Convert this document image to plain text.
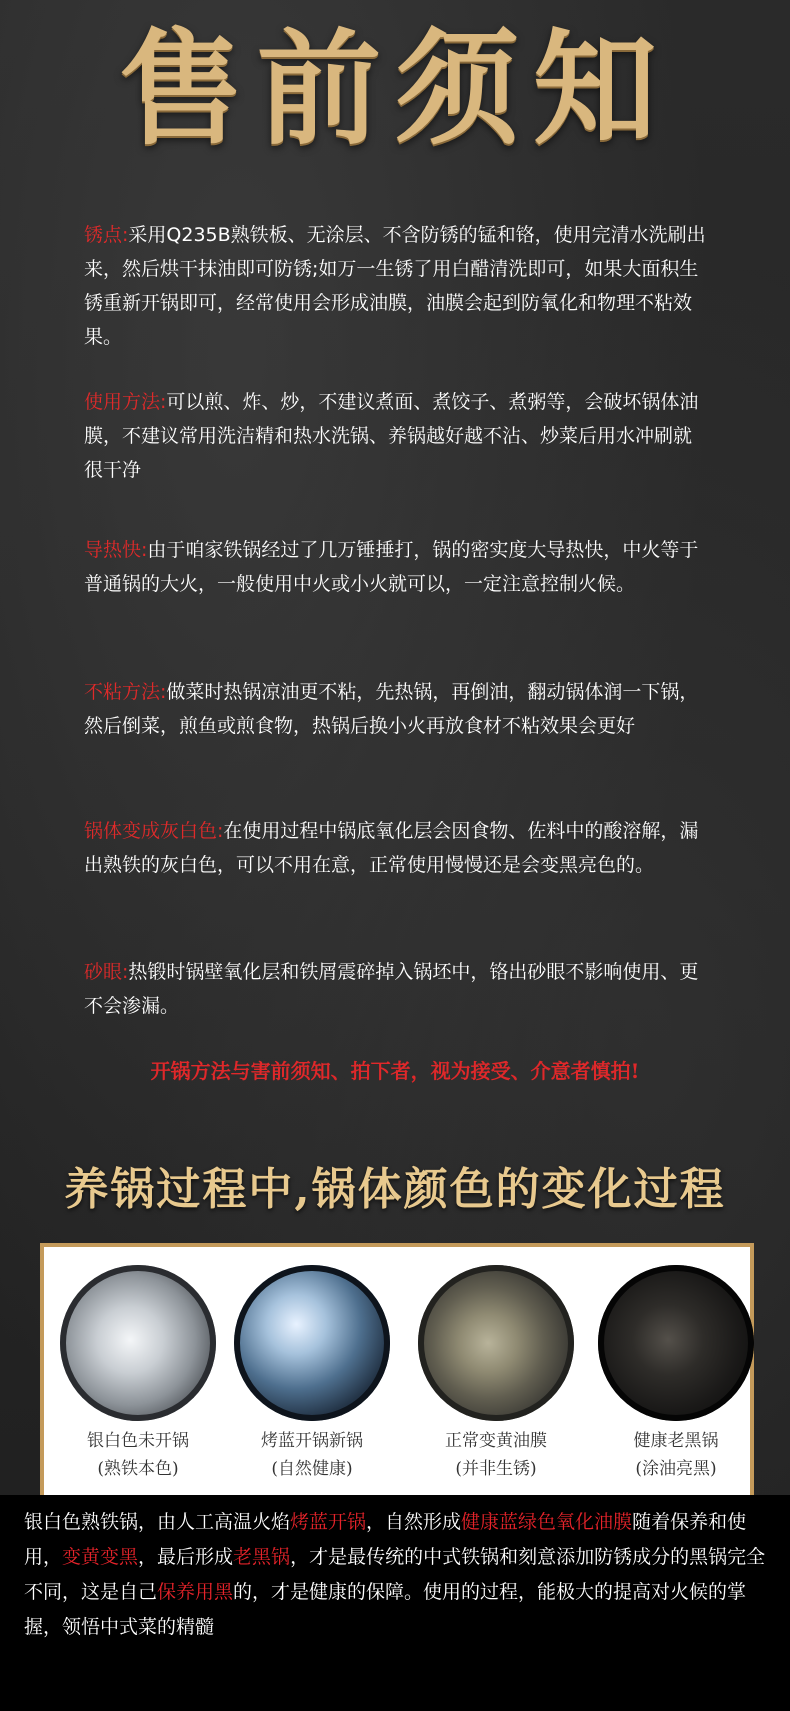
售前须知
锈点:采用Q235B熟铁板、无涂层、不含防锈的锰和铬，使用完清水洗刷出来，然后烘干抹油即可防锈;如万一生锈了用白醋清洗即可，如果大面积生锈重新开锅即可，经常使用会形成油膜，油膜会起到防氧化和物理不粘效果。
使用方法:可以煎、炸、炒，不建议煮面、煮饺子、煮粥等，会破坏锅体油膜，不建议常用洗洁精和热水洗锅、养锅越好越不沾、炒菜后用水冲刷就很干净
导热快:由于咱家铁锅经过了几万锤捶打，锅的密实度大导热快，中火等于普通锅的大火，一般使用中火或小火就可以，一定注意控制火候。
不粘方法:做菜时热锅凉油更不粘，先热锅，再倒油，翻动锅体润一下锅，然后倒菜，煎鱼或煎食物，热锅后换小火再放食材不粘效果会更好
锅体变成灰白色:在使用过程中锅底氧化层会因食物、佐料中的酸溶解，漏出熟铁的灰白色，可以不用在意，正常使用慢慢还是会变黑亮色的。
砂眼:热锻时锅壁氧化层和铁屑震碎掉入锅坯中，铬出砂眼不影响使用、更不会渗漏。
开锅方法与害前须知、拍下者，视为接受、介意者慎拍!
养锅过程中,锅体颜色的变化过程
银白色未开锅
(熟铁本色)
烤蓝开锅新锅
(自然健康)
正常变黄油膜
(并非生锈)
健康老黑锅
(涂油亮黑)
银白色熟铁锅，由人工高温火焰烤蓝开锅，自然形成健康蓝绿色氧化油膜随着保养和使用，变黄变黑，最后形成老黑锅，才是最传统的中式铁锅和刻意添加防锈成分的黑锅完全不同，这是自己保养用黑的，才是健康的保障。使用的过程，能极大的提高对火候的掌握，领悟中式菜的精髓
